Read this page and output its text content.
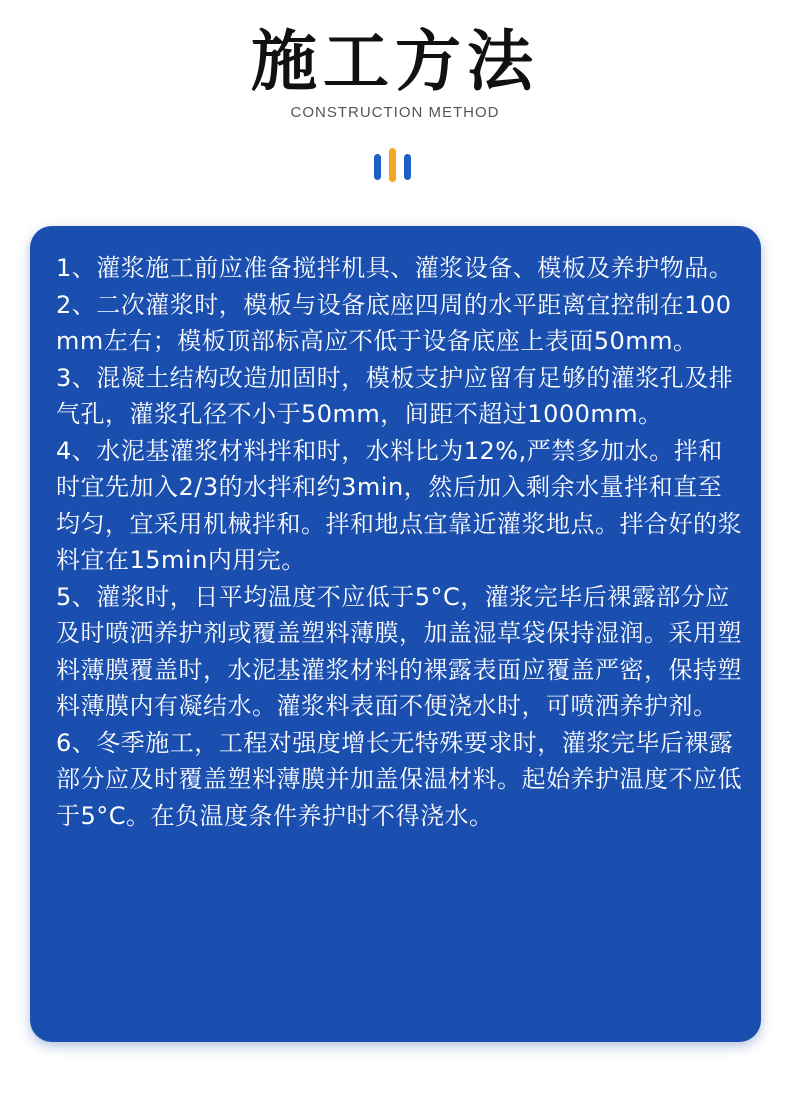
施工方法
CONSTRUCTION METHOD

1、灌浆施工前应准备搅拌机具、灌浆设备、模板及养护物品。

2、二次灌浆时，模板与设备底座四周的水平距离宜控制在100mm左右；模板顶部标高应不低于设备底座上表面50mm。

3、混凝土结构改造加固时，模板支护应留有足够的灌浆孔及排气孔，灌浆孔径不小于50mm，间距不超过1000mm。

4、水泥基灌浆材料拌和时，水料比为12%,严禁多加水。拌和时宜先加入2/3的水拌和约3min，然后加入剩余水量拌和直至均匀，宜采用机械拌和。拌和地点宜靠近灌浆地点。拌合好的浆料宜在15min内用完。

5、灌浆时，日平均温度不应低于5°C，灌浆完毕后裸露部分应及时喷洒养护剂或覆盖塑料薄膜，加盖湿草袋保持湿润。采用塑料薄膜覆盖时，水泥基灌浆材料的裸露表面应覆盖严密，保持塑料薄膜内有凝结水。灌浆料表面不便浇水时，可喷洒养护剂。

6、冬季施工，工程对强度增长无特殊要求时，灌浆完毕后裸露部分应及时覆盖塑料薄膜并加盖保温材料。起始养护温度不应低于5°C。在负温度条件养护时不得浇水。
